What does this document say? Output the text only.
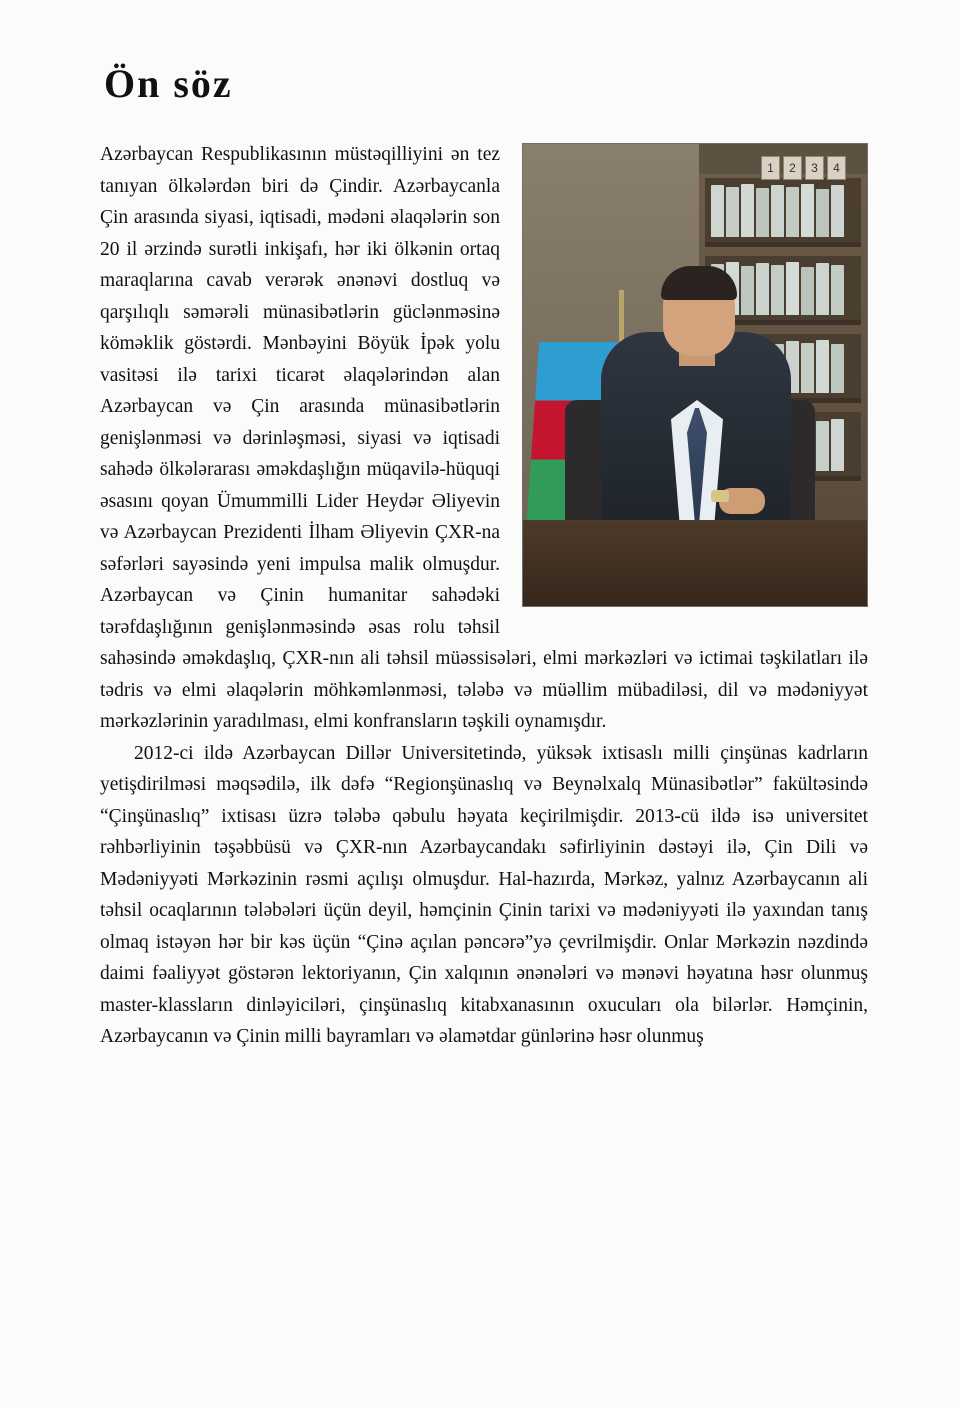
Ön söz
1	2	3	4

Azərbaycan Respublikasının müstəqilliyini ən tez tanıyan ölkələrdən biri də Çindir. Azərbaycanla Çin arasında siyasi, iqtisadi, mədəni əlaqələrin son 20 il ərzində surətli inkişafı, hər iki ölkənin ortaq maraqlarına cavab verərək ənənəvi dostluq və qarşılıqlı səmərəli münasibətlərin güclənməsinə köməklik göstərdi. Mənbəyini Böyük İpək yolu vasitəsi ilə tarixi ticarət əlaqələrindən alan Azərbaycan və Çin arasında münasibətlərin genişlənməsi və dərinləşməsi, siyasi və iqtisadi sahədə ölkələrarası əməkdaşlığın müqavilə-hüquqi əsasını qoyan Ümummilli Lider Heydər Əliyevin və Azərbaycan Prezidenti İlham Əliyevin ÇXR-na səfərləri sayəsində yeni impulsa malik olmuşdur. Azərbaycan və Çinin humanitar sahədəki tərəfdaşlığının genişlənməsində əsas rolu təhsil sahəsində əməkdaşlıq, ÇXR-nın ali təhsil müəssisələri, elmi mərkəzləri və ictimai təşkilatları ilə tədris və elmi əlaqələrin möhkəmlənməsi, tələbə və müəllim mübadiləsi, dil və mədəniyyət mərkəzlərinin yaradılması, elmi konfransların təşkili oynamışdır.

2012-ci ildə Azərbaycan Dillər Universitetində, yüksək ixtisaslı milli çinşünas kadrların yetişdirilməsi məqsədilə, ilk dəfə “Regionşünaslıq və Beynəlxalq Münasibətlər” fakültəsində “Çinşünaslıq” ixtisası üzrə tələbə qəbulu həyata keçirilmişdir. 2013-cü ildə isə universitet rəhbərliyinin təşəbbüsü və ÇXR-nın Azərbaycandakı səfirliyinin dəstəyi ilə, Çin Dili və Mədəniyyəti Mərkəzinin rəsmi açılışı olmuşdur. Hal-hazırda, Mərkəz, yalnız Azərbaycanın ali təhsil ocaqlarının tələbələri üçün deyil, həmçinin Çinin tarixi və mədəniyyəti ilə yaxından tanış olmaq istəyən hər bir kəs üçün “Çinə açılan pəncərə”yə çevrilmişdir. Onlar Mərkəzin nəzdində daimi fəaliyyət göstərən lektoriyanın, Çin xalqının ənənələri və mənəvi həyatına həsr olunmuş master-klassların dinləyiciləri, çinşünaslıq kitabxanasının oxucuları ola bilərlər. Həmçinin, Azərbaycanın və Çinin milli bayramları və əlamətdar günlərinə həsr olunmuş
